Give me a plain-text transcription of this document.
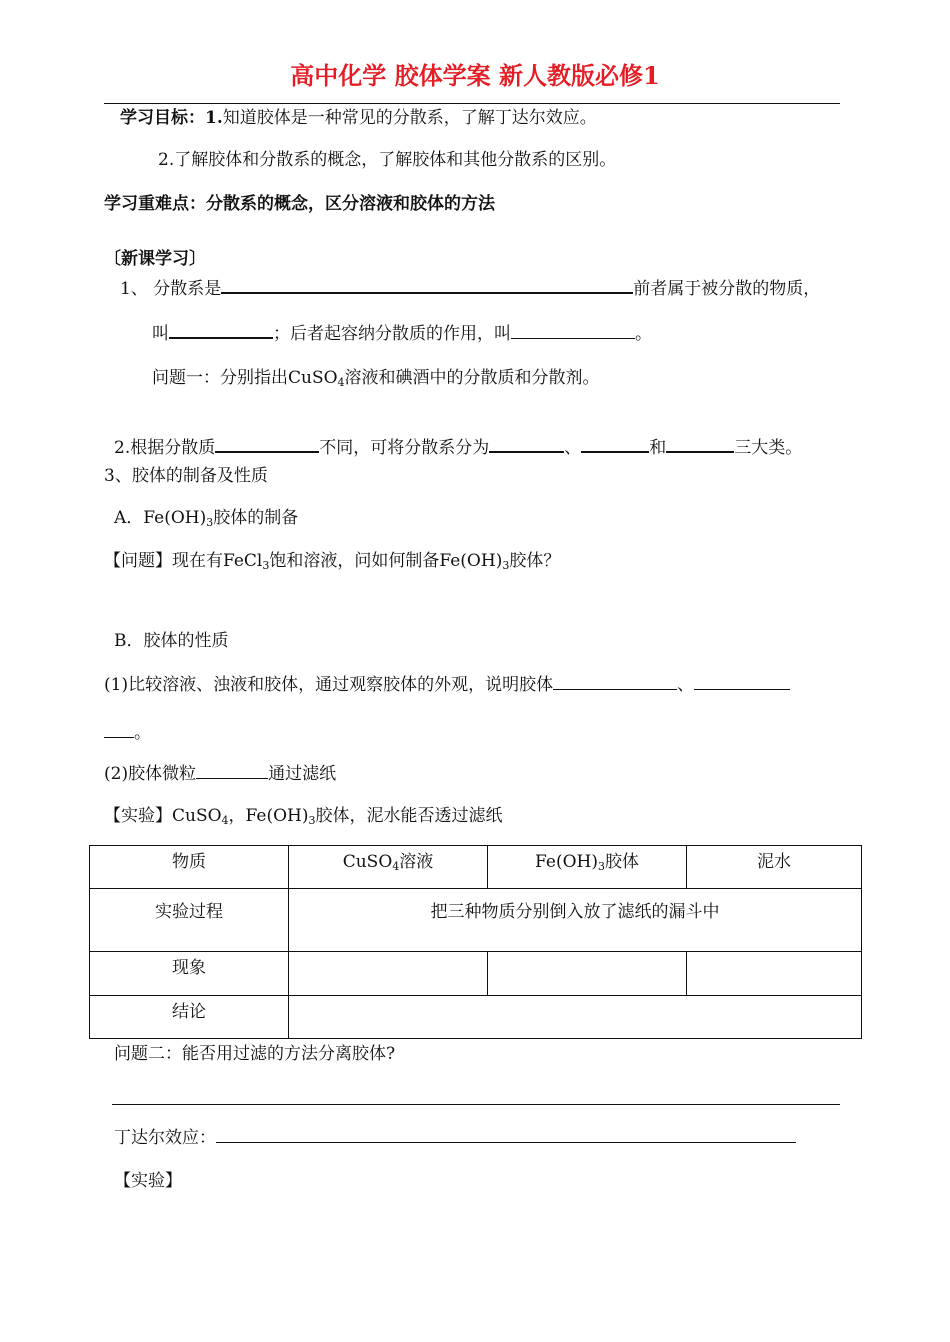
高中化学 胶体学案 新人教版必修1
学习目标：1.知道胶体是一种常见的分散系，了解丁达尔效应。
2.了解胶体和分散系的概念，了解胶体和其他分散系的区别。
学习重难点：分散系的概念，区分溶液和胶体的方法
〔新课学习〕
1、 分散系是	前者属于被分散的物质，
叫	；后者起容纳分散质的作用，叫	。
问题一：分别指出CuSO$_4$溶液和碘酒中的分散质和分散剂。
2.根据分散质	不同，可将分散系分为	、	和	三大类。
3、胶体的制备及性质
A．$Fe(OH)_3$胶体的制备
【问题】现在有FeCl$_3$饱和溶液，问如何制备$Fe(OH)_3$胶体？
B．胶体的性质
(1)比较溶液、浊液和胶体，通过观察胶体的外观，说明胶体	、
。
(2)胶体微粒	通过滤纸
【实验】CuSO$_4$，$Fe(OH)_3$胶体，泥水能否透过滤纸
物质	CuSO$_4$溶液	$Fe(OH)_3$胶体	泥水
实验过程	把三种物质分别倒入放了滤纸的漏斗中		
现象			
结论			
问题二：能否用过滤的方法分离胶体?
丁达尔效应：
【实验】
